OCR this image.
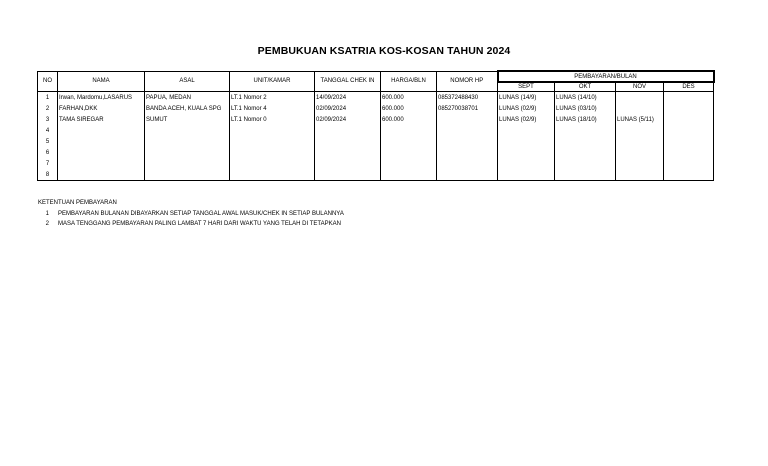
PEMBUKUAN KSATRIA KOS-KOSAN TAHUN 2024
NO	NAMA	ASAL	UNIT/KAMAR	TANGGAL CHEK IN	HARGA/BLN	NOMOR HP	PEMBAYARAN/BULAN			
							SEPT	OKT	NOV	DES
1	Irwan, Mardomu,LASARUS	PAPUA, MEDAN	LT.1 Nomor 2	14/09/2024	600.000	085372488430	LUNAS (14/9)	LUNAS (14/10)		
2	FARHAN,DKK	BANDA ACEH, KUALA SPG	LT.1 Nomor 4	02/09/2024	600.000	085270038701	LUNAS (02/9)	LUNAS (03/10)		
3	TAMA SIREGAR	SUMUT	LT.1 Nomor 0	02/09/2024	600.000		LUNAS (02/9)	LUNAS (18/10)	LUNAS (5/11)	
4										
5										
6										
7										
8										
KETENTUAN PEMBAYARAN
1 PEMBAYARAN BULANAN DIBAYARKAN SETIAP TANGGAL AWAL MASUK/CHEK IN SETIAP BULANNYA
2 MASA TENGGANG PEMBAYARAN PALING LAMBAT 7 HARI DARI WAKTU YANG TELAH DI TETAPKAN
